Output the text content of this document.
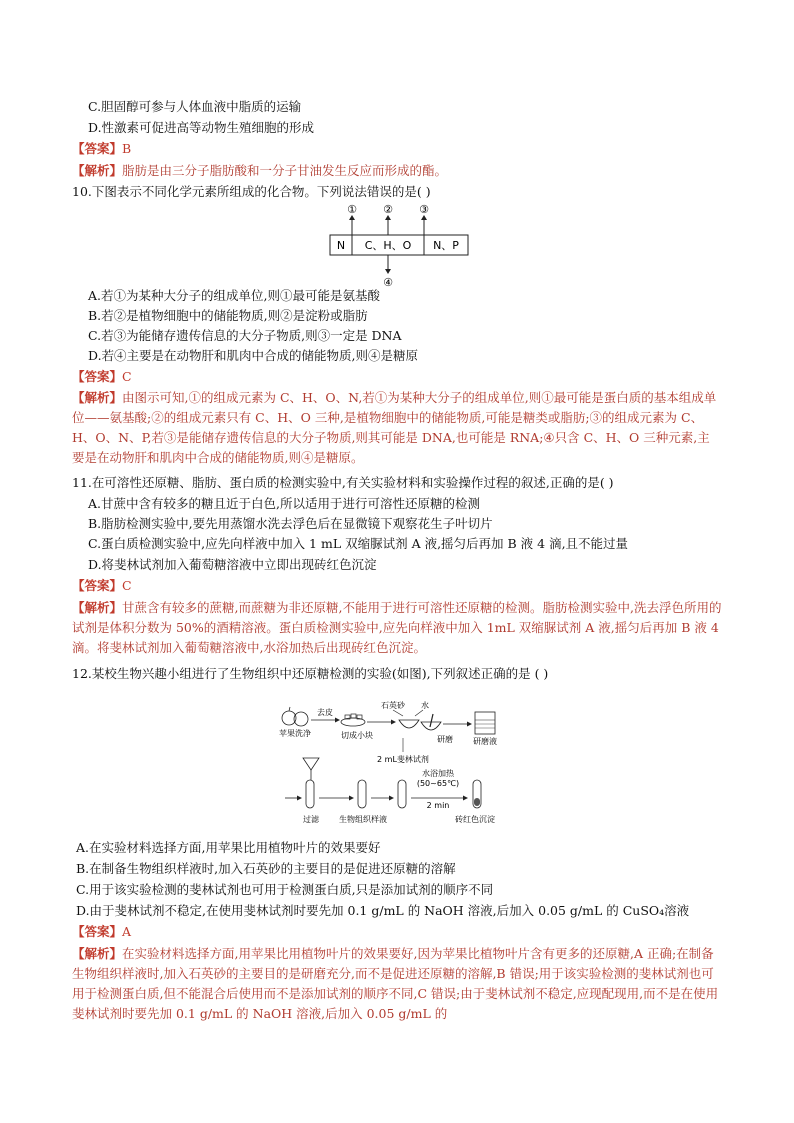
C.胆固醇可参与人体血液中脂质的运输
D.性激素可促进高等动物生殖细胞的形成
【答案】B
【解析】脂肪是由三分子脂肪酸和一分子甘油发生反应而形成的酯。
10.下图表示不同化学元素所组成的化合物。下列说法错误的是( )
N C、H、O N、P
① ② ③
④
A.若①为某种大分子的组成单位,则①最可能是氨基酸
B.若②是植物细胞中的储能物质,则②是淀粉或脂肪
C.若③为能储存遗传信息的大分子物质,则③一定是 DNA
D.若④主要是在动物肝和肌肉中合成的储能物质,则④是糖原
【答案】C
【解析】由图示可知,①的组成元素为 C、H、O、N,若①为某种大分子的组成单位,则①最可能是蛋白质的基本组成单位——氨基酸;②的组成元素只有 C、H、O 三种,是植物细胞中的储能物质,可能是糖类或脂肪;③的组成元素为 C、H、O、N、P,若③是能储存遗传信息的大分子物质,则其可能是 DNA,也可能是 RNA;④只含 C、H、O 三种元素,主要是在动物肝和肌肉中合成的储能物质,则④是糖原。
11.在可溶性还原糖、脂肪、蛋白质的检测实验中,有关实验材料和实验操作过程的叙述,正确的是( )
A.甘蔗中含有较多的糖且近于白色,所以适用于进行可溶性还原糖的检测
B.脂肪检测实验中,要先用蒸馏水洗去浮色后在显微镜下观察花生子叶切片
C.蛋白质检测实验中,应先向样液中加入 1 mL 双缩脲试剂 A 液,摇匀后再加 B 液 4 滴,且不能过量
D.将斐林试剂加入葡萄糖溶液中立即出现砖红色沉淀
【答案】C
【解析】甘蔗含有较多的蔗糖,而蔗糖为非还原糖,不能用于进行可溶性还原糖的检测。脂肪检测实验中,洗去浮色所用的试剂是体积分数为 50%的酒精溶液。蛋白质检测实验中,应先向样液中加入 1mL 双缩脲试剂 A 液,摇匀后再加 B 液 4 滴。将斐林试剂加入葡萄糖溶液中,水浴加热后出现砖红色沉淀。
12.某校生物兴趣小组进行了生物组织中还原糖检测的实验(如图),下列叙述正确的是 ( )
苹果洗净
去皮
切成小块
石英砂 水
研磨	研磨液
2 mL斐林试剂
过滤	生物组织样液
水浴加热
(50~65℃)
2 min
砖红色沉淀
A.在实验材料选择方面,用苹果比用植物叶片的效果要好
B.在制备生物组织样液时,加入石英砂的主要目的是促进还原糖的溶解
C.用于该实验检测的斐林试剂也可用于检测蛋白质,只是添加试剂的顺序不同
D.由于斐林试剂不稳定,在使用斐林试剂时要先加 0.1 g/mL 的 NaOH 溶液,后加入 0.05 g/mL 的 CuSO₄溶液
【答案】A
【解析】在实验材料选择方面,用苹果比用植物叶片的效果要好,因为苹果比植物叶片含有更多的还原糖,A 正确;在制备生物组织样液时,加入石英砂的主要目的是研磨充分,而不是促进还原糖的溶解,B 错误;用于该实验检测的斐林试剂也可用于检测蛋白质,但不能混合后使用而不是添加试剂的顺序不同,C 错误;由于斐林试剂不稳定,应现配现用,而不是在使用斐林试剂时要先加 0.1 g/mL 的 NaOH 溶液,后加入 0.05 g/mL 的
